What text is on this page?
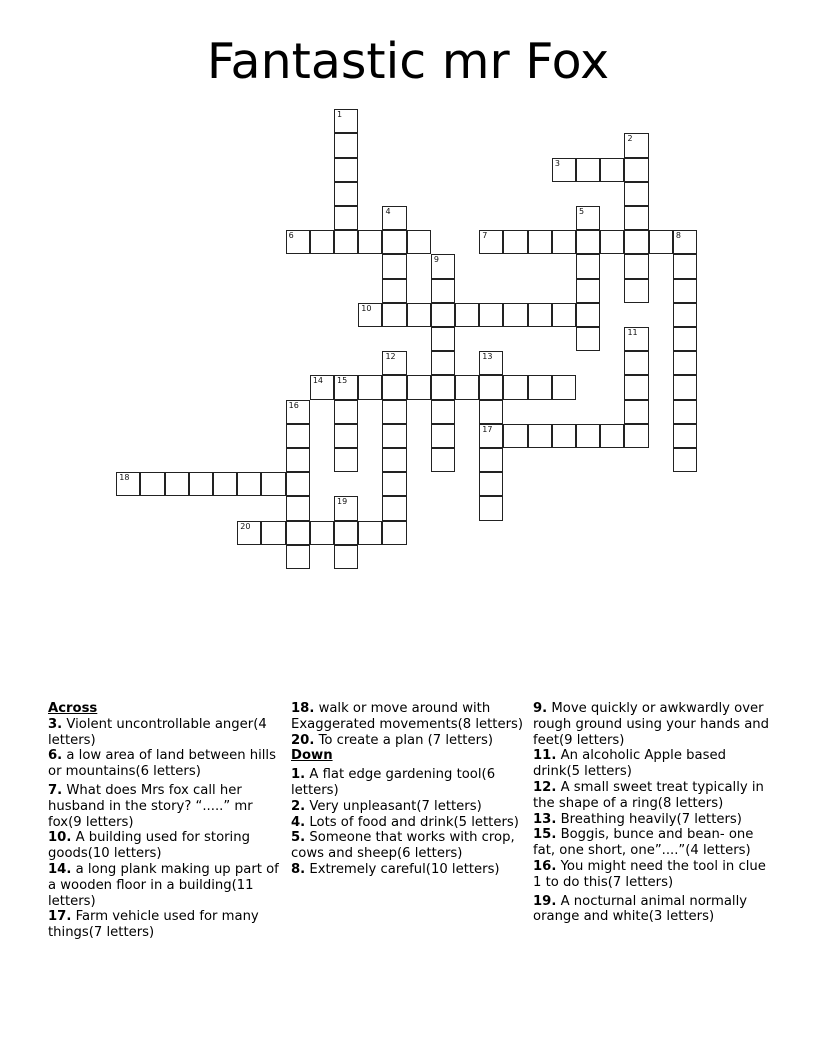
Fantastic mr Fox
1
2
3
4	5
6	7	8
9
10
11
12	13
17
14 15
16
18
19
20
Across
3. Violent uncontrollable anger(4 letters)
6. a low area of land between hills or mountains(6 letters)
7. What does Mrs fox call her husband in the story? “.....” mr fox(9 letters)
10. A building used for storing goods(10 letters)
14. a long plank making up part of a wooden floor in a building(11 letters)
17. Farm vehicle used for many things(7 letters)
18. walk or move around with Exaggerated movements(8 letters)
20. To create a plan (7 letters)
Down
1. A flat edge gardening tool(6 letters)
2. Very unpleasant(7 letters)
4. Lots of food and drink(5 letters)
5. Someone that works with crop, cows and sheep(6 letters)
8. Extremely careful(10 letters)
9. Move quickly or awkwardly over rough ground using your hands and feet(9 letters)
11. An alcoholic Apple based drink(5 letters)
12. A small sweet treat typically in the shape of a ring(8 letters)
13. Breathing heavily(7 letters)
15. Boggis, bunce and bean- one fat, one short, one”....”(4 letters)
16. You might need the tool in clue 1 to do this(7 letters)
19. A nocturnal animal normally orange and white(3 letters)
